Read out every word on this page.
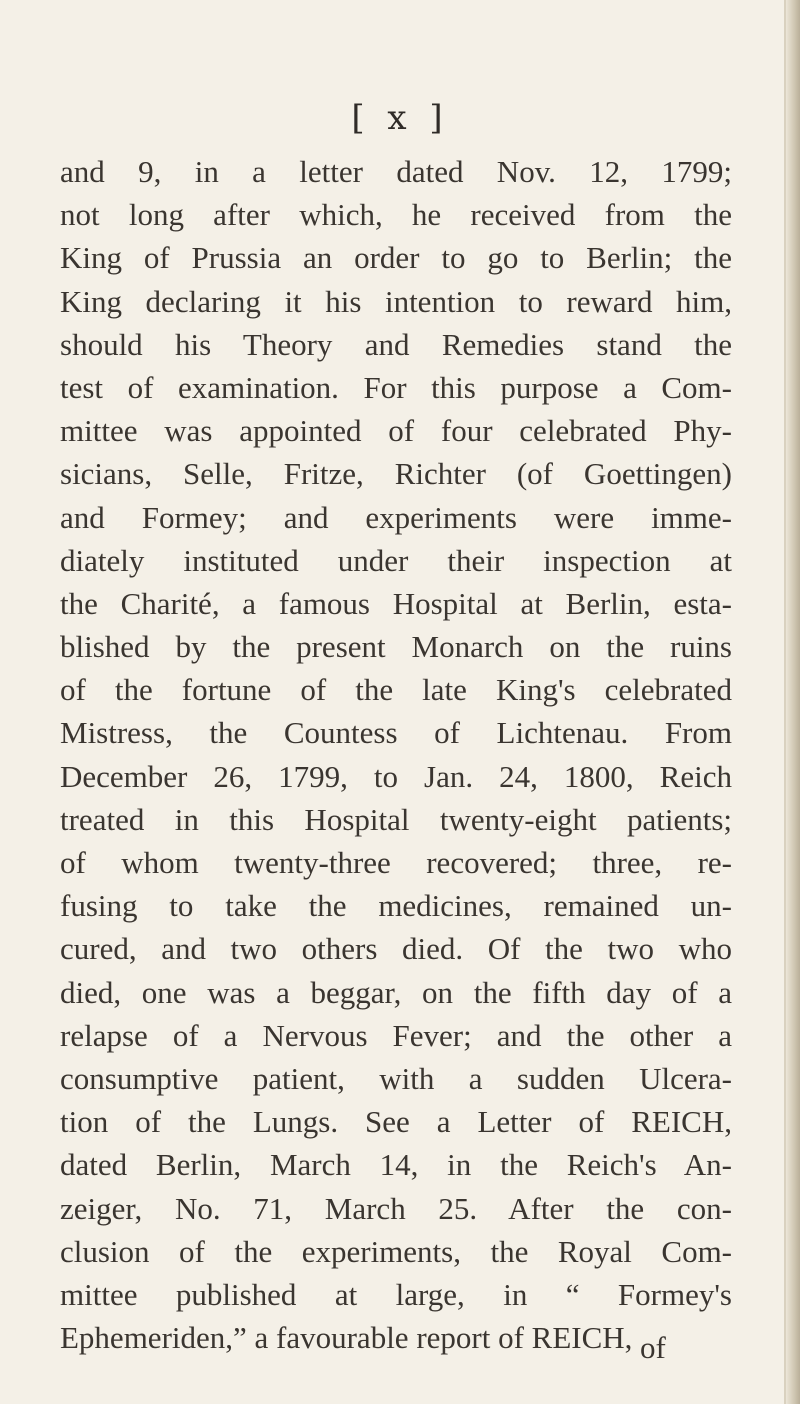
[ x ]
and 9, in a letter dated Nov. 12, 1799;
not long after which, he received from the
King of Prussia an order to go to Berlin; the
King declaring it his intention to reward him,
should his Theory and Remedies stand the
test of examination. For this purpose a Com-
mittee was appointed of four celebrated Phy-
sicians, Selle, Fritze, Richter (of Goettingen)
and Formey; and experiments were imme-
diately instituted under their inspection at
the Charité, a famous Hospital at Berlin, esta-
blished by the present Monarch on the ruins
of the fortune of the late King's celebrated
Mistress, the Countess of Lichtenau. From
December 26, 1799, to Jan. 24, 1800, Reich
treated in this Hospital twenty-eight patients;
of whom twenty-three recovered; three, re-
fusing to take the medicines, remained un-
cured, and two others died. Of the two who
died, one was a beggar, on the fifth day of a
relapse of a Nervous Fever; and the other a
consumptive patient, with a sudden Ulcera-
tion of the Lungs. See a Letter of REICH,
dated Berlin, March 14, in the Reich's An-
zeiger, No. 71, March 25. After the con-
clusion of the experiments, the Royal Com-
mittee published at large, in “ Formey's
Ephemeriden,” a favourable report of REICH, of
